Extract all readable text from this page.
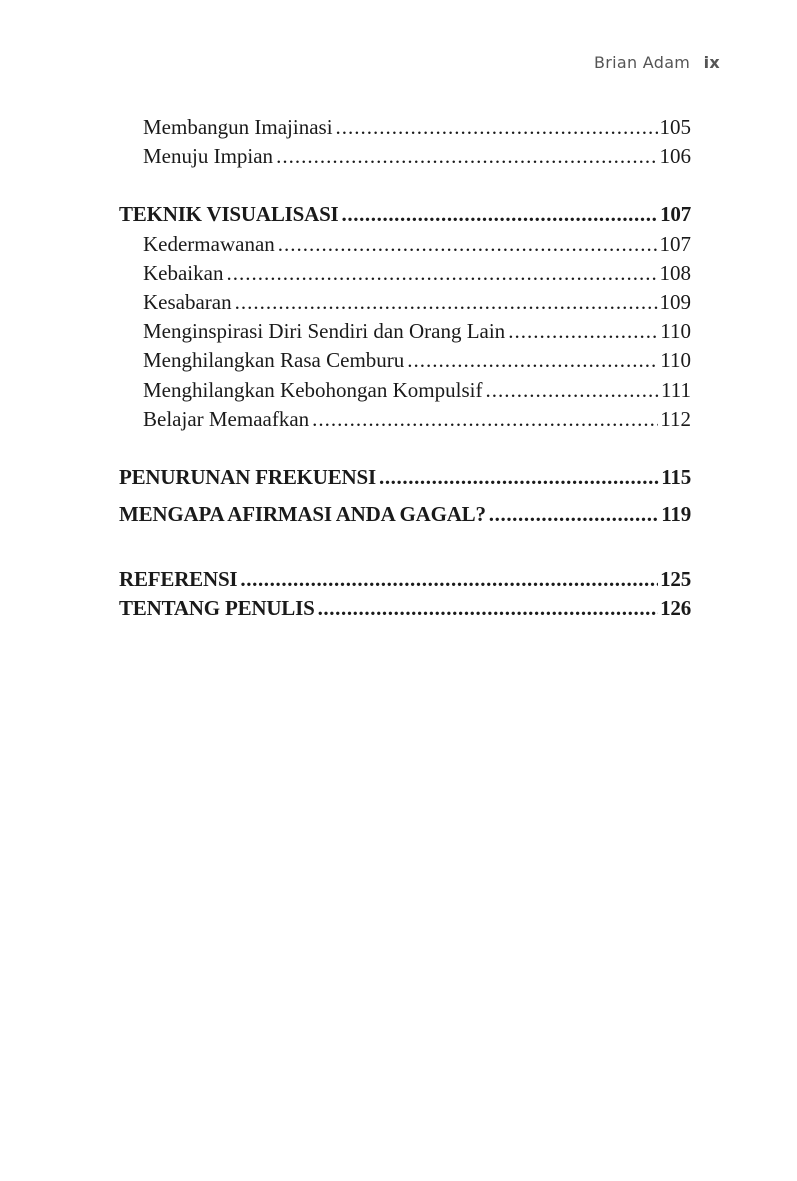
Brian Adam ix
Membangun Imajinasi .....	105
Menuju Impian .....	106
TEKNIK VISUALISASI .....	107
Kedermawanan .....	107
Kebaikan .....	108
Kesabaran .....	109
Menginspirasi Diri Sendiri dan Orang Lain .....	110
Menghilangkan Rasa Cemburu .....	110
Menghilangkan Kebohongan Kompulsif .....	111
Belajar Memaafkan .....	112
PENURUNAN FREKUENSI .....	115
MENGAPA AFIRMASI ANDA GAGAL? .....	119
REFERENSI .....	125
TENTANG PENULIS .....	126
